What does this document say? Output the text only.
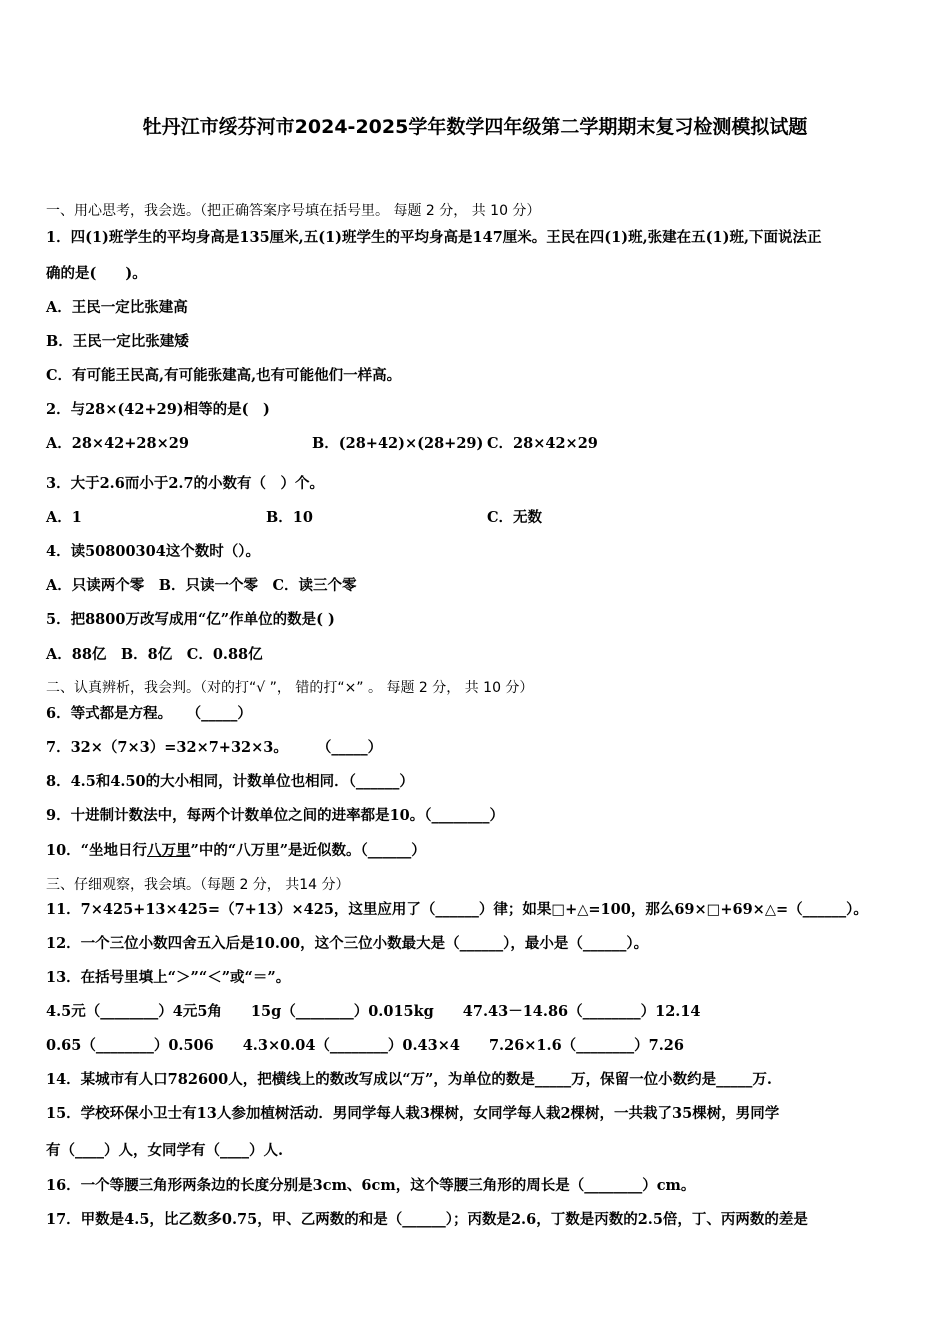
牡丹江市绥芬河市2024-2025学年数学四年级第二学期期末复习检测模拟试题
一、用心思考，我会选。（把正确答案序号填在括号里。 每题 2 分， 共 10 分）
1．四(1)班学生的平均身高是135厘米,五(1)班学生的平均身高是147厘米。王民在四(1)班,张建在五(1)班,下面说法正
确的是(　　)。
A．王民一定比张建高
B．王民一定比张建矮
C．有可能王民高,有可能张建高,也有可能他们一样高。
2．与28×(42+29)相等的是(　)
A．28×42+28×29	B．(28+42)×(28+29) C．28×42×29
3．大于2.6而小于2.7的小数有（　）个。
A．1	B．10	C．无数
4．读50800304这个数时（）。
A．只读两个零　B．只读一个零　C．读三个零
5．把8800万改写成用“亿”作单位的数是( )
A．88亿　B．8亿　C．0.88亿
二、认真辨析，我会判。（对的打“√ ”， 错的打“×” 。 每题 2 分， 共 10 分）
6．等式都是方程。　　（_____）
7．32×（7×3）=32×7+32×3。　　　（_____）
8．4.5和4.50的大小相同，计数单位也相同．（______）
9．十进制计数法中，每两个计数单位之间的进率都是10。（________）
10．“坐地日行八万里”中的“八万里”是近似数。（______）
三、仔细观察，我会填。（每题 2 分， 共14 分）
11．7×425+13×425=（7+13）×425，这里应用了（______）律；如果□+△=100，那么69×□+69×△=（______）。
12．一个三位小数四舍五入后是10.00，这个三位小数最大是（______），最小是（______）。
13．在括号里填上“＞”“＜”或“＝”。
4.5元（________）4元5角　　15g（________）0.015kg　　47.43－14.86（________）12.14
0.65（________）0.506　　4.3×0.04（________）0.43×4　　7.26×1.6（________）7.26
14．某城市有人口782600人，把横线上的数改写成以“万”，为单位的数是_____万，保留一位小数约是_____万.
15．学校环保小卫士有13人参加植树活动．男同学每人栽3棵树，女同学每人栽2棵树，一共栽了35棵树，男同学
有（____）人，女同学有（____）人.
16．一个等腰三角形两条边的长度分别是3cm、6cm，这个等腰三角形的周长是（________）cm。
17．甲数是4.5，比乙数多0.75，甲、乙两数的和是（______）；丙数是2.6，丁数是丙数的2.5倍，丁、丙两数的差是
